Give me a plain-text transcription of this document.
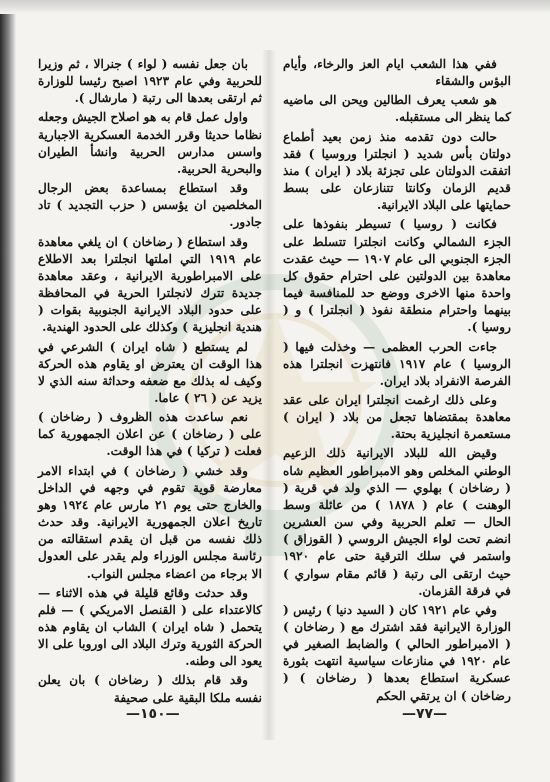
ففي هذا الشعب ايام العز والرخاء، وأيام البؤس والشقاء

هو شعب يعرف الطالين ويحن الى ماضيه كما ينظر الى مستقبله.

حالت دون تقدمه منذ زمن بعيد أطماع دولتان بأس شديد ( انجلترا وروسيا ) فقد اتفقت الدولتان على تجزئة بلاد ( ايران ) منذ قديم الزمان وكانتا تتنازعان على بسط حمايتها على البلاد الايرانية.

فكانت ( روسيا ) تسيطر بنفوذها على الجزء الشمالي وكانت انجلترا تتسلط على الجزء الجنوبي الى عام ١٩٠٧ — حيث عقدت معاهدة بين الدولتين على احترام حقوق كل واحدة منها الاخرى ووضع حد للمنافسة فيما بينهما واحترام منطقة نفوذ ( انجلترا ) و ( روسيا ).

جاءت الحرب العظمى — وخذلت فيها ( الروسيا ) عام ١٩١٧ فانتهزت انجلترا هذه الفرصة الانفراد بلاد ايران.

وعلى ذلك ارغمت انجلترا ايران على عقد معاهدة بمقتضاها تجعل من بلاد ( ايران ) مستعمرة انجليزية بحتة.

وقيض الله للبلاد الايرانية ذلك الزعيم الوطني المخلص وهو الامبراطور العظيم شاه ( رضاخان ) بهلوي — الذي ولد في قرية ( الوهنت ) عام ( ١٨٧٨ ) من عائلة وسط الحال — تعلم الحربية وفي سن العشرين انضم تحت لواء الجيش الروسي ( القوزاق ) واستمر في سلك الترقية حتى عام ١٩٢٠ حيث ارتقى الى رتبة ( قائم مقام سواري ) في فرقة القزمان.

وفي عام ١٩٢١ كان ( السيد دنيا ) رئيس ( الوزارة الايرانية فقد اشترك مع ( رضاخان ) ( الامبراطور الحالي ) والضابط الصغير في عام ١٩٢٠ في منازعات سياسية انتهت بثورة عسكرية استطاع بعدها ( رضاخان ) ( رضاخان ) ان يرتقي الحكم

بان جعل نفسه ( لواء ) جنرالا ، ثم وزيرا للحربية وفي عام ١٩٢٣ اصبح رئيسا للوزارة ثم ارتقى بعدها الى رتبة ( مارشال ).

واول عمل قام به هو اصلاح الجيش وجعله نظاما حديثا وقرر الخدمة العسكرية الاجبارية واسس مدارس الحربية وانشأ الطيران والبحرية الحربية.

وقد استطاع بمساعدة بعض الرجال المخلصين ان يؤسس ( حزب التجديد ) تاد جادور.

وقد استطاع ( رضاخان ) ان يلغي معاهدة عام ١٩١٩ التي املتها انجلترا بعد الاطلاع على الامبراطورية الايرانية ، وعقد معاهدة جديدة تترك لانجلترا الحرية في المحافظة على حدود البلاد الايرانية الجنوبية بقوات ( هندية انجليزية ) وكذلك على الحدود الهندية.

لم يستطع ( شاه ايران ) الشرعي في هذا الوقت ان يعترض او يقاوم هذه الحركة وكيف له بذلك مع ضعفه وحداثة سنه الذي لا يزيد عن ( ٢٦ ) عاما.

نعم ساعدت هذه الظروف ( رضاخان ) على ( رضاخان ) عن اعلان الجمهورية كما فعلت ( تركيا ) في هذا الوقت.

وقد خشي ( رضاخان ) في ابتداء الامر معارضة قوية تقوم في وجهه في الداخل والخارج حتى يوم ٢١ مارس عام ١٩٢٤ وهو تاريخ اعلان الجمهورية الايرانية. وقد حدث ذلك نفسه من قبل ان يقدم استقالته من رئاسة مجلس الوزراء ولم يقدر على العدول الا برجاء من اعضاء مجلس النواب.

وقد حدثت وقائع قليلة في هذه الاثناء — كالاعتداء على ( القنصل الامريكي ) — فلم يتحمل ( شاه ايران ) الشاب ان يقاوم هذه الحركة الثورية وترك البلاد الى اوروبا على الا يعود الى وطنه.

وقد قام بذلك ( رضاخان ) بان يعلن نفسه ملكا البقية على صحيفة

—١٥٠—	—٧٧—
